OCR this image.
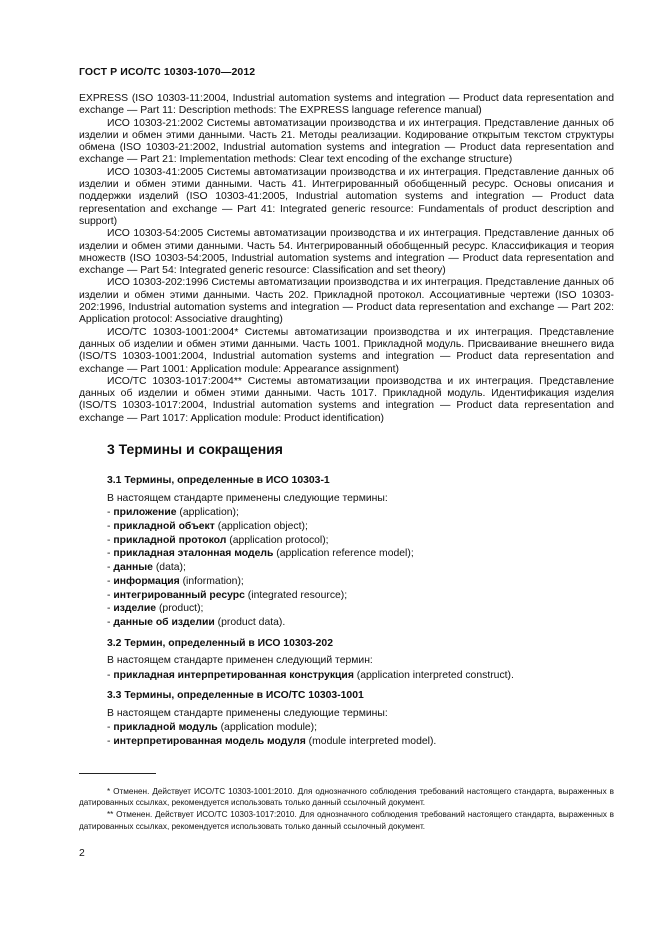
ГОСТ Р ИСО/ТС 10303-1070—2012

EXPRESS (ISO 10303-11:2004, Industrial automation systems and integration — Product data representation and exchange — Part 11: Description methods: The EXPRESS language reference manual)

ИСО 10303-21:2002 Системы автоматизации производства и их интеграция. Представление данных об изделии и обмен этими данными. Часть 21. Методы реализации. Кодирование открытым текстом структуры обмена (ISO 10303-21:2002, Industrial automation systems and integration — Product data representation and exchange — Part 21: Implementation methods: Clear text encoding of the exchange structure)

ИСО 10303-41:2005 Системы автоматизации производства и их интеграция. Представление данных об изделии и обмен этими данными. Часть 41. Интегрированный обобщенный ресурс. Основы описания и поддержки изделий (ISO 10303-41:2005, Industrial automation systems and integration — Product data representation and exchange — Part 41: Integrated generic resource: Fundamentals of product description and support)

ИСО 10303-54:2005 Системы автоматизации производства и их интеграция. Представление данных об изделии и обмен этими данными. Часть 54. Интегрированный обобщенный ресурс. Классификация и теория множеств (ISO 10303-54:2005, Industrial automation systems and integration — Product data representation and exchange — Part 54: Integrated generic resource: Classification and set theory)

ИСО 10303-202:1996 Системы автоматизации производства и их интеграция. Представление данных об изделии и обмен этими данными. Часть 202. Прикладной протокол. Ассоциативные чертежи (ISO 10303-202:1996, Industrial automation systems and integration — Product data representation and exchange — Part 202: Application protocol: Associative draughting)

ИСО/ТС 10303-1001:2004* Системы автоматизации производства и их интеграция. Представление данных об изделии и обмен этими данными. Часть 1001. Прикладной модуль. Присваивание внешнего вида (ISO/TS 10303-1001:2004, Industrial automation systems and integration — Product data representation and exchange — Part 1001: Application module: Appearance assignment)

ИСО/ТС 10303-1017:2004** Системы автоматизации производства и их интеграция. Представление данных об изделии и обмен этими данными. Часть 1017. Прикладной модуль. Идентификация изделия (ISO/TS 10303-1017:2004, Industrial automation systems and integration — Product data representation and exchange — Part 1017: Application module: Product identification)

3 Термины и сокращения
3.1 Термины, определенные в ИСО 10303-1
В настоящем стандарте применены следующие термины:
- приложение (application);
- прикладной объект (application object);
- прикладной протокол (application protocol);
- прикладная эталонная модель (application reference model);
- данные (data);
- информация (information);
- интегрированный ресурс (integrated resource);
- изделие (product);
- данные об изделии (product data).
3.2 Термин, определенный в ИСО 10303-202
В настоящем стандарте применен следующий термин:
- прикладная интерпретированная конструкция (application interpreted construct).
3.3 Термины, определенные в ИСО/ТС 10303-1001
В настоящем стандарте применены следующие термины:
- прикладной модуль (application module);
- интерпретированная модель модуля (module interpreted model).

* Отменен. Действует ИСО/ТС 10303-1001:2010. Для однозначного соблюдения требований настоящего стандарта, выраженных в датированных ссылках, рекомендуется использовать только данный ссылочный документ.

** Отменен. Действует ИСО/ТС 10303-1017:2010. Для однозначного соблюдения требований настоящего стандарта, выраженных в датированных ссылках, рекомендуется использовать только данный ссылочный документ.

2
